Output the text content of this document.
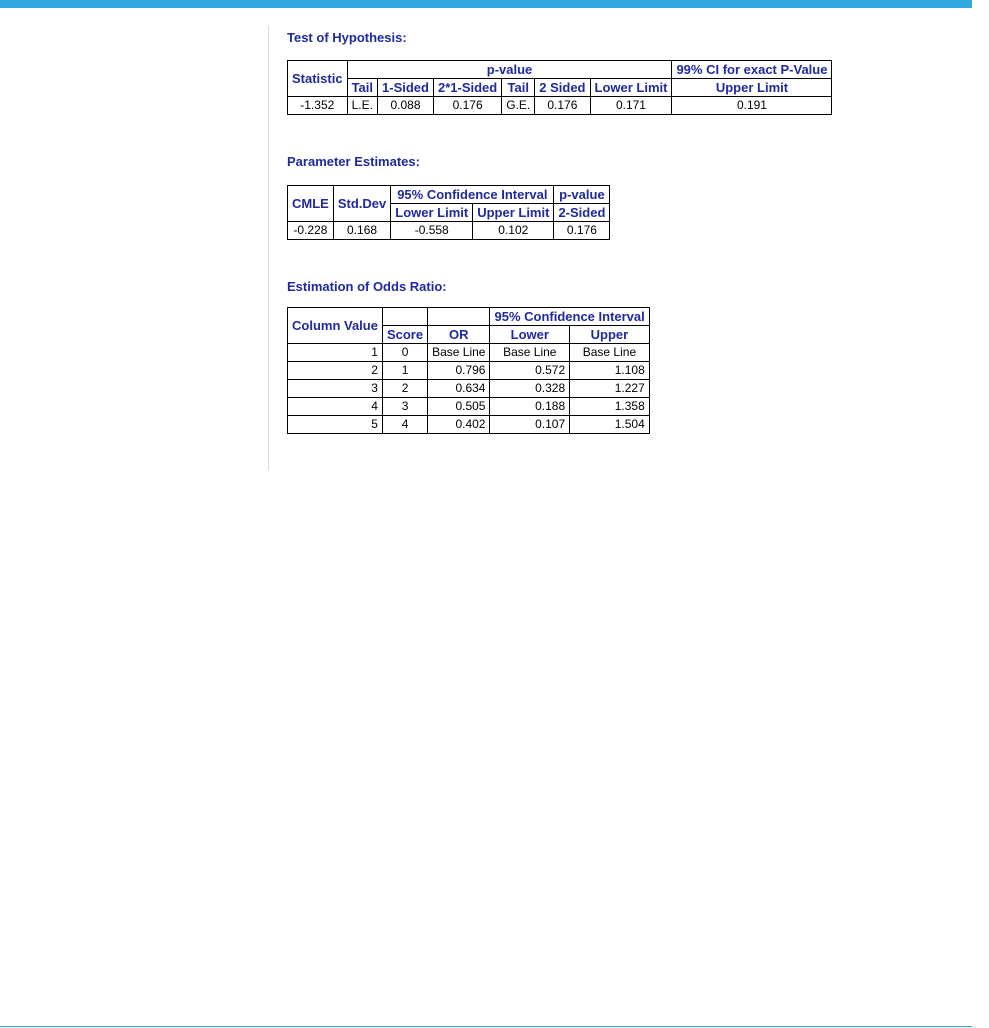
Test of Hypothesis:
Statistic	p-value						99% CI for exact P-Value
	Tail	1-Sided	2*1-Sided	Tail	2 Sided	Lower Limit	Upper Limit
-1.352	L.E.	0.088	0.176	G.E.	0.176	0.171	0.191
Parameter Estimates:
CMLE	Std.Dev	95% Confidence Interval		p-value
		Lower Limit	Upper Limit	2-Sided
-0.228	0.168	-0.558	0.102	0.176
Estimation of Odds Ratio:
Column Value			95% Confidence Interval	
	Score	OR	Lower	Upper
1	0	Base Line	Base Line	Base Line
2	1	0.796	0.572	1.108
3	2	0.634	0.328	1.227
4	3	0.505	0.188	1.358
5	4	0.402	0.107	1.504
